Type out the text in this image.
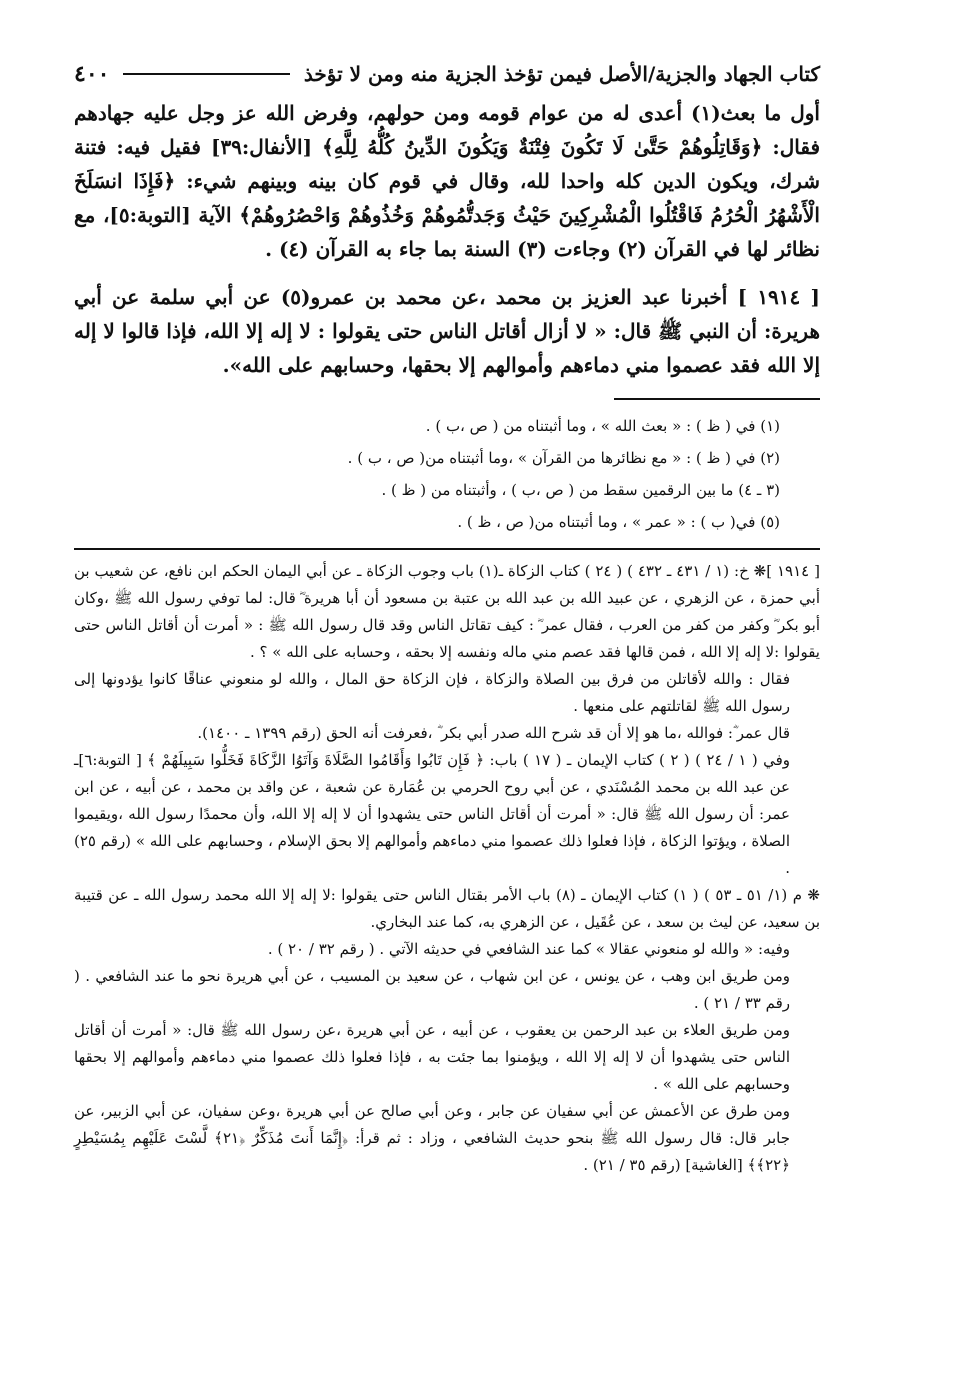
كتاب الجهاد والجزية/الأصل فيمن تؤخذ الجزية منه ومن لا تؤخذ
٤٠٠

أول ما بعث(١) أعدى له من عوام قومه ومن حولهم، وفرض الله عز وجل عليه جهادهم فقال: ﴿وَقَاتِلُوهُمْ حَتَّىٰ لَا تَكُونَ فِتْنَةٌ وَيَكُونَ الدِّينُ كُلُّهُ لِلَّهِ﴾ [الأنفال:٣٩] فقيل فيه: فتنة شرك، ويكون الدين كله واحدا لله، وقال في قوم كان بينه وبينهم شيء: ﴿فَإِذَا انسَلَخَ الْأَشْهُرُ الْحُرُمُ فَاقْتُلُوا الْمُشْرِكِينَ حَيْثُ وَجَدتُّمُوهُمْ وَخُذُوهُمْ وَاحْصُرُوهُمْ﴾ الآية [التوبة:٥]، مع نظائر لها في القرآن (٢) وجاءت (٣) السنة بما جاء به القرآن (٤) .

[ ١٩١٤ ] أخبرنا عبد العزيز بن محمد ،عن محمد بن عمرو(٥) عن أبي سلمة عن أبي هريرة: أن النبي ﷺ قال: « لا أزال أقاتل الناس حتى يقولوا : لا إله إلا الله، فإذا قالوا لا إله إلا الله فقد عصموا مني دماءهم وأموالهم إلا بحقها، وحسابهم على الله».

(١) في ( ظ ) : « بعث الله » ، وما أثبتناه من ( ص ،ب ) .

(٢) في ( ظ ) : « مع نظائرها من القرآن » ،وما أثبتناه من( ص ، ب ) .

(٣ ـ ٤) ما بين الرقمين سقط من ( ص ،ب ) ، وأثبتناه من ( ظ ) .

(٥) في( ب ) : « عمر » ، وما أثبتناه من( ص ، ظ ) .

[ ١٩١٤ ]❋ خ: (١ / ٤٣١ ـ ٤٣٢ ) ( ٢٤ ) كتاب الزكاة ـ(١) باب وجوب الزكاة ـ عن أبي اليمان الحكم ابن نافع، عن شعيب بن أبي حمزة ، عن الزهري ، عن عبيد الله بن عبد الله بن عتبة بن مسعود أن أبا هريرة ؓ قال: لما توفي رسول الله ﷺ ،وكان أبو بكر ؓ وكفر من كفر من العرب ، فقال عمر ؓ : كيف تقاتل الناس وقد قال رسول الله ﷺ : « أمرت أن أقاتل الناس حتى يقولوا :لا إله إلا الله ، فمن قالها فقد عصم مني ماله ونفسه إلا بحقه ، وحسابه على الله » ؟ .

فقال : والله لأقاتلن من فرق بين الصلاة والزكاة ، فإن الزكاة حق المال ، والله لو منعوني عناقًا كانوا يؤدونها إلى رسول الله ﷺ لقاتلتهم على منعها .

قال عمر ؓ: فوالله ،ما هو إلا أن قد شرح الله صدر أبي بكر ؓ ،فعرفت أنه الحق (رقم ١٣٩٩ ـ ١٤٠٠).

وفي ( ١ / ٢٤ ) ( ٢ ) كتاب الإيمان ـ ( ١٧ ) باب: ﴿ فَإِن تَابُوا وَأَقَامُوا الصَّلَاةَ وَآتَوُا الزَّكَاةَ فَخَلُّوا سَبِيلَهُمْ ﴾ [ التوبة:٦]ـ عن عبد الله بن محمد المُسْنَدي ، عن أبي روح الحرمي بن عُمَارة عن شعبة ، عن واقد بن محمد ، عن أبيه ، عن ابن عمر: أن رسول الله ﷺ قال: « أمرت أن أقاتل الناس حتى يشهدوا أن لا إله إلا الله، وأن محمدًا رسول الله ،ويقيموا الصلاة ، ويؤتوا الزكاة ، فإذا فعلوا ذلك عصموا مني دماءهم وأموالهم إلا بحق الإسلام ، وحسابهم على الله » (رقم ٢٥) .

❋ م (١/ ٥١ ـ ٥٣ ) ( ١) كتاب الإيمان ـ (٨) باب الأمر بقتال الناس حتى يقولوا :لا إله إلا الله محمد رسول الله ـ عن قتيبة بن سعيد، عن ليث بن سعد ، عن عُقَيل ، عن الزهري به، كما عند البخاري.

وفيه: « والله لو منعوني عقالا » كما عند الشافعي في حديثه الآتي . ( رقم ٣٢ / ٢٠ ) .

ومن طريق ابن وهب ، عن يونس ، عن ابن شهاب ، عن سعيد بن المسيب ، عن أبي هريرة نحو ما عند الشافعي . ( رقم ٣٣ / ٢١ ) .

ومن طريق العلاء بن عبد الرحمن بن يعقوب ، عن أبيه ، عن أبي هريرة ،عن رسول الله ﷺ قال: « أمرت أن أقاتل الناس حتى يشهدوا أن لا إله إلا الله ، ويؤمنوا بما جئت به ، فإذا فعلوا ذلك عصموا مني دماءهم وأموالهم إلا بحقها وحسابهم على الله » .

ومن طرق عن الأعمش عن أبي سفيان عن جابر ، وعن أبي صالح عن أبي هريرة ،وعن سفيان، عن أبي الزبير، عن جابر قال: قال رسول الله ﷺ بنحو حديث الشافعي ، وزاد : ثم قرأ: ﴿إِنَّمَا أَنتَ مُذَكِّرٌ ﴿٢١﴾ لَّسْتَ عَلَيْهِم بِمُسَيْطِرٍ ﴿٢٢﴾﴾ [الغاشية] (رقم ٣٥ / ٢١) .
